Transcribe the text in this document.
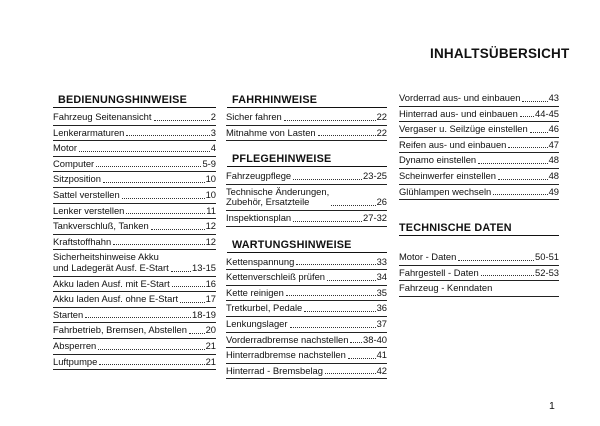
INHALTSÜBERSICHT
BEDIENUNGSHINWEISE
Fahrzeug Seitenansicht	2
Lenkerarmaturen	3
Motor	4
Computer	5-9
Sitzposition	10
Sattel verstellen	10
Lenker verstellen	11
Tankverschluß, Tanken	12
Kraftstoffhahn	12
Sicherheitshinweise Akku
und Ladegerät Ausf. E-Start 13-15
Akku laden Ausf. mit E-Start	16
Akku laden Ausf. ohne E-Start	17
Starten	18-19
Fahrbetrieb, Bremsen, Abstellen 20
Absperren	21
Luftpumpe	21
FAHRHINWEISE
Sicher fahren	22
Mitnahme von Lasten	22
PFLEGEHINWEISE
Fahrzeugpflege	23-25
Technische Änderungen,
Zubehör, Ersatzteile	26
Inspektionsplan	27-32
WARTUNGSHINWEISE
Kettenspannung	33
Kettenverschleiß prüfen	34
Kette reinigen	35
Tretkurbel, Pedale	36
Lenkungslager	37
Vorderradbremse nachstellen 38-40
Hinterradbremse nachstellen	41
Hinterrad - Bremsbelag	42
Vorderrad aus- und einbauen	43
Hinterrad aus- und einbauen 44-45
Vergaser u. Seilzüge einstellen 46
Reifen aus- und einbauen	47
Dynamo einstellen	48
Scheinwerfer einstellen	48
Glühlampen wechseln	49
TECHNISCHE DATEN
Motor - Daten	50-51
Fahrgestell - Daten	52-53
Fahrzeug - Kenndaten
1
